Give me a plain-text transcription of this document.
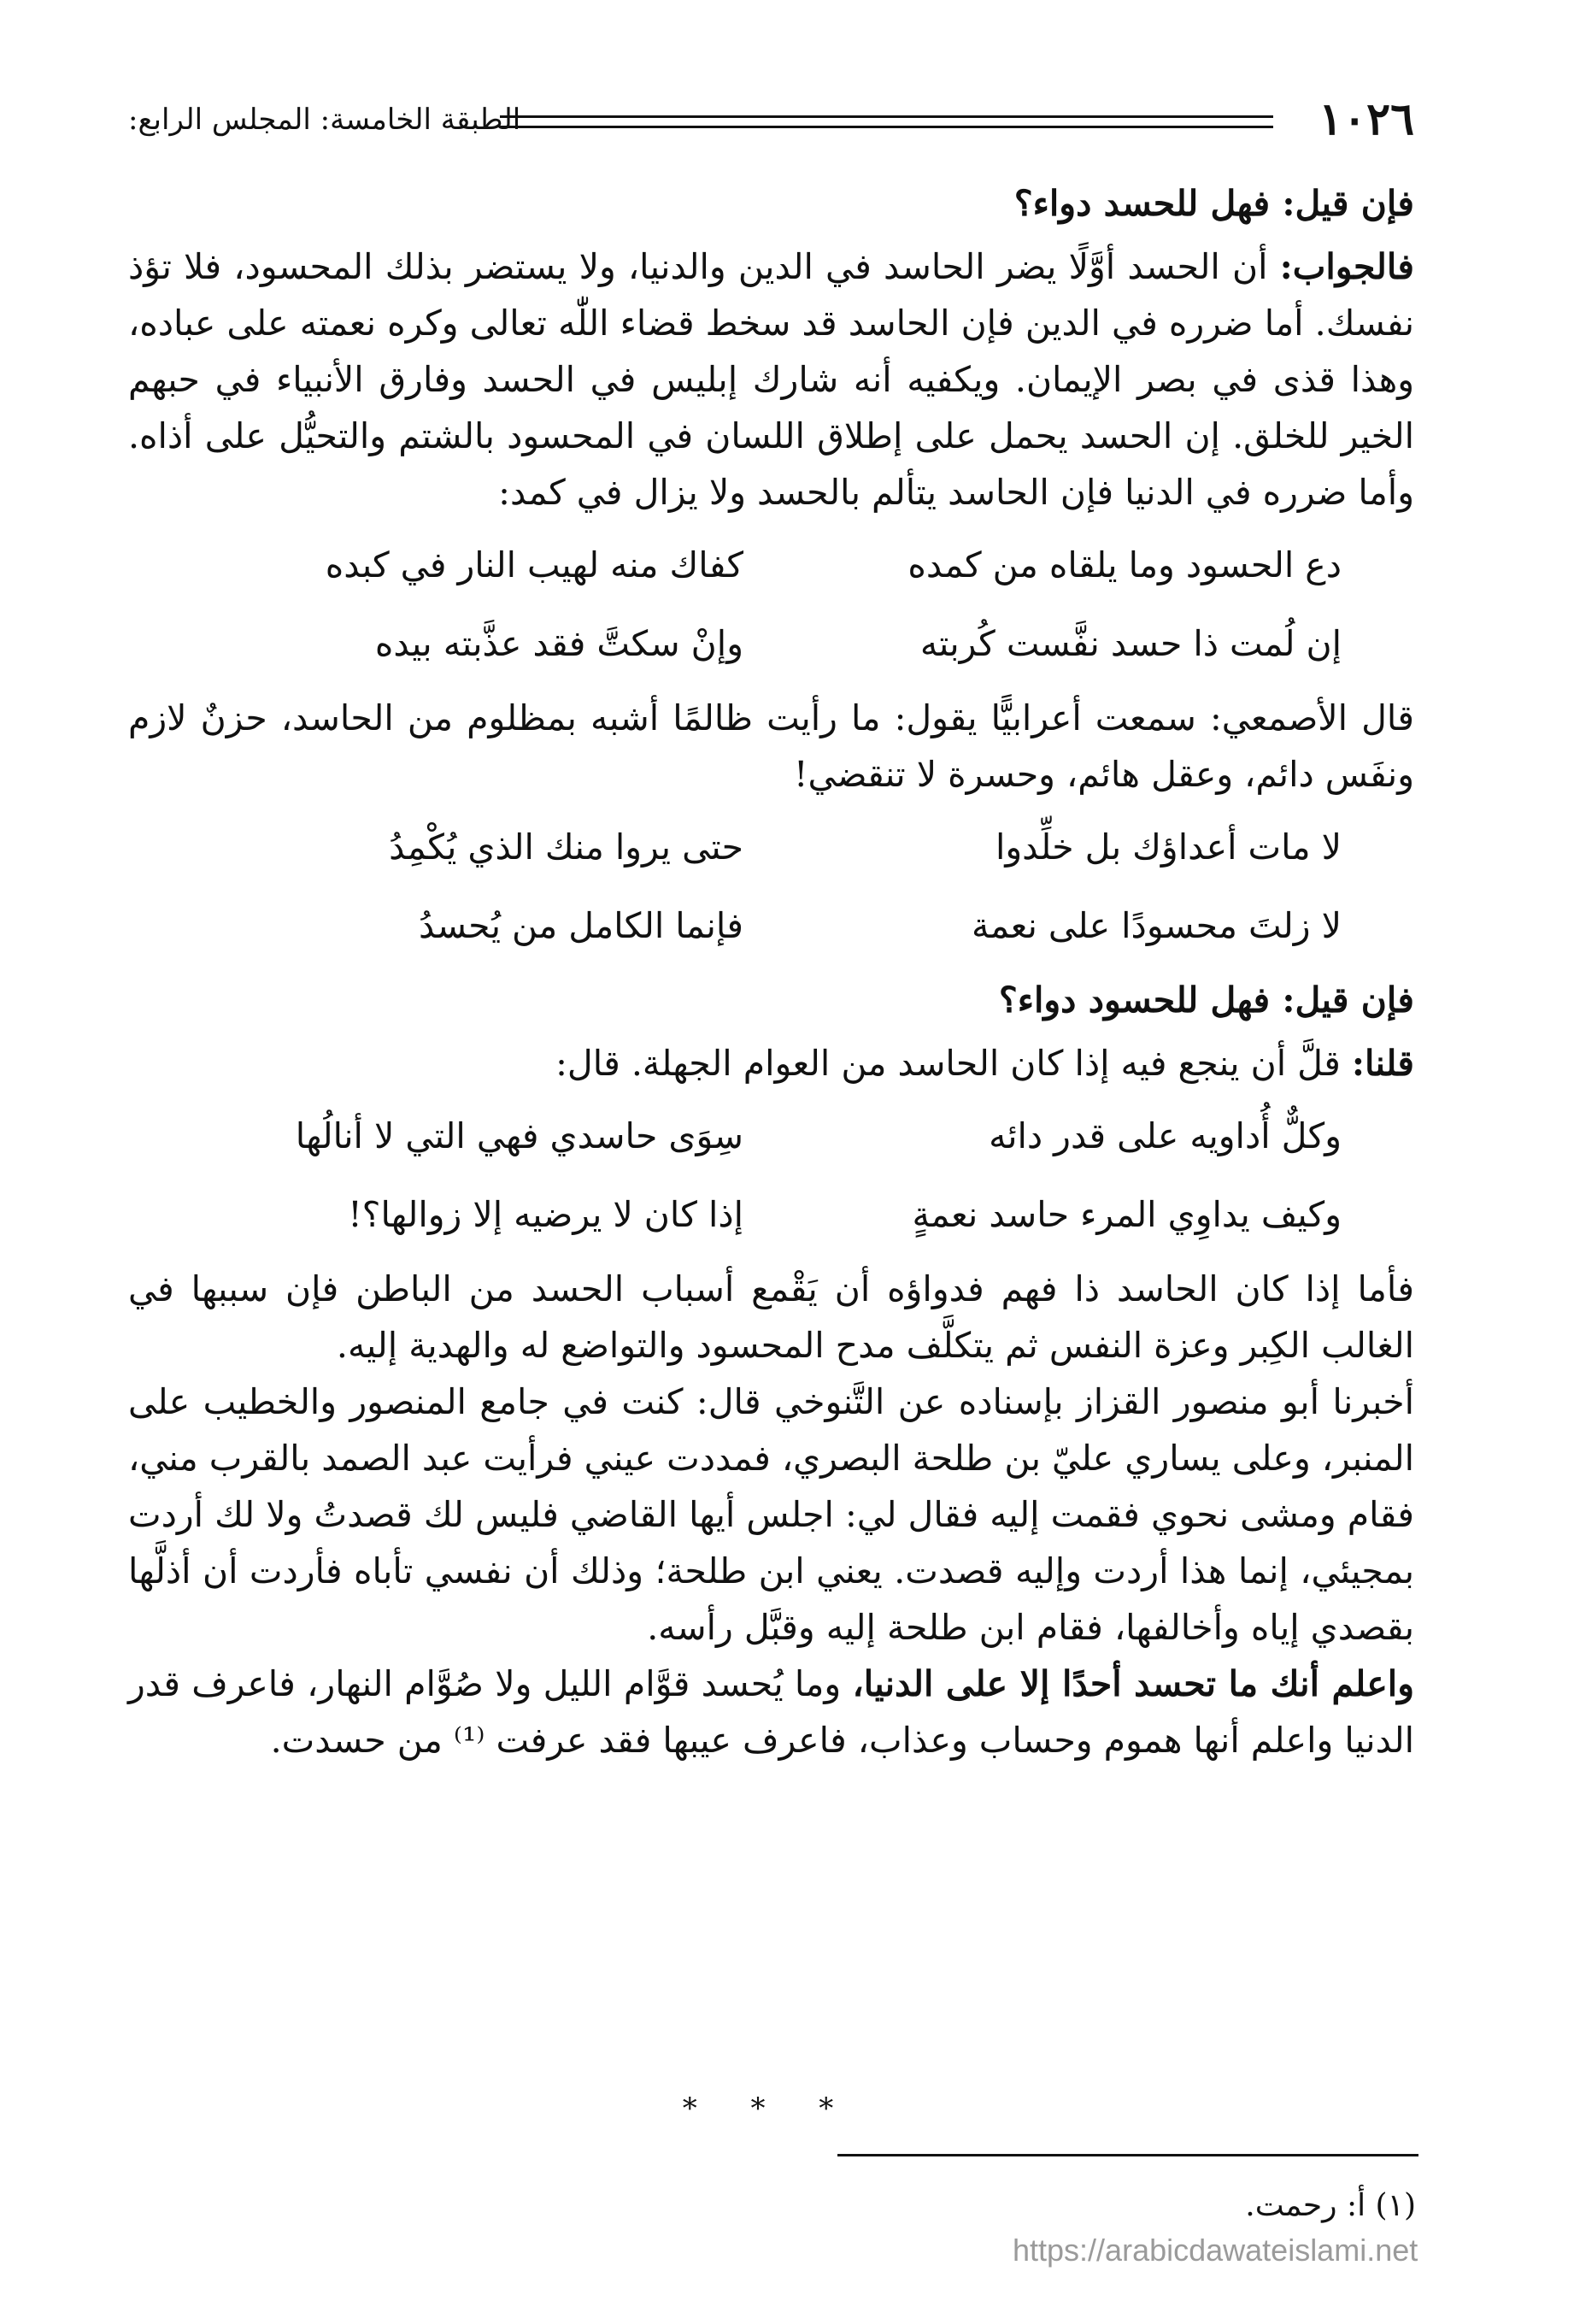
١٠٢٦
الطبقة الخامسة: المجلس الرابع:

فإن قيل: فهل للحسد دواء؟

فالجواب: أن الحسد أوَّلًا يضر الحاسد في الدين والدنيا، ولا يستضر بذلك المحسود، فلا تؤذ نفسك. أما ضرره في الدين فإن الحاسد قد سخط قضاء اللّٰه تعالى وكره نعمته على عباده، وهذا قذى في بصر الإيمان. ويكفيه أنه شارك إبليس في الحسد وفارق الأنبياء في حبهم الخير للخلق. إن الحسد يحمل على إطلاق اللسان في المحسود بالشتم والتحيُّل على أذاه. وأما ضرره في الدنيا فإن الحاسد يتألم بالحسد ولا يزال في كمد:

دع الحسود وما يلقاه من كمده
كفاك منه لهيب النار في كبده
إن لُمت ذا حسد نفَّست كُربته
وإنْ سكتَّ فقد عذَّبته بيده

قال الأصمعي: سمعت أعرابيًّا يقول: ما رأيت ظالمًا أشبه بمظلوم من الحاسد، حزنٌ لازم ونفَس دائم، وعقل هائم، وحسرة لا تنقضي!

لا مات أعداؤك بل خلِّدوا
حتى يروا منك الذي يُكْمِدُ
لا زلتَ محسودًا على نعمة
فإنما الكامل من يُحسدُ

فإن قيل: فهل للحسود دواء؟

قلنا: قلَّ أن ينجع فيه إذا كان الحاسد من العوام الجهلة. قال:

وكلٌّ أُداويه على قدر دائه
سِوَى حاسدي فهي التي لا أنالُها
وكيف يداوِي المرء حاسد نعمةٍ
إذا كان لا يرضيه إلا زوالها؟!

فأما إذا كان الحاسد ذا فهم فدواؤه أن يَقْمع أسباب الحسد من الباطن فإن سببها في الغالب الكِبر وعزة النفس ثم يتكلَّف مدح المحسود والتواضع له والهدية إليه.

أخبرنا أبو منصور القزاز بإسناده عن التَّنوخي قال: كنت في جامع المنصور والخطيب على المنبر، وعلى يساري عليّ بن طلحة البصري، فمددت عيني فرأيت عبد الصمد بالقرب مني، فقام ومشى نحوي فقمت إليه فقال لي: اجلس أيها القاضي فليس لك قصدتُ ولا لك أردت بمجيئي، إنما هذا أردت وإليه قصدت. يعني ابن طلحة؛ وذلك أن نفسي تأباه فأردت أن أذلَّها بقصدي إياه وأخالفها، فقام ابن طلحة إليه وقبَّل رأسه.

واعلم أنك ما تحسد أحدًا إلا على الدنيا، وما يُحسد قوَّام الليل ولا صُوَّام النهار، فاعرف قدر الدنيا واعلم أنها هموم وحساب وعذاب، فاعرف عيبها فقد عرفت ⁽¹⁾ من حسدت.

* * *
(١) أ: رحمت.
https://arabicdawateislami.net
